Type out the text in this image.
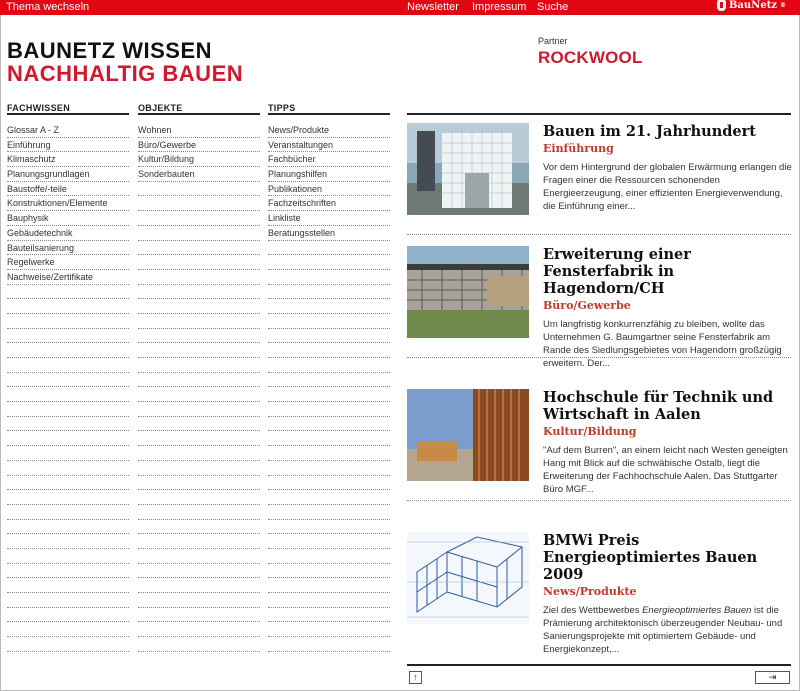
Thema wechseln	Newsletter Impressum Suche	BauNetz ®
BAUNETZ WISSEN
NACHHALTIG BAUEN
Partner
ROCKWOOL
FACHWISSEN
Glossar A - Z
Einführung
Klimaschutz
Planungsgrundlagen
Baustoffe/-teile
Konstruktionen/Elemente
Bauphysik
Gebäudetechnik
Bauteilsanierung
Regelwerke
Nachweise/Zertifikate
OBJEKTE
Wohnen
Büro/Gewerbe
Kultur/Bildung
Sonderbauten
TIPPS
News/Produkte
Veranstaltungen
Fachbücher
Planungshilfen
Publikationen
Fachzeitschriften
Linkliste
Beratungsstellen
Bauen im 21. Jahrhundert
Einführung
Vor dem Hintergrund der globalen Erwärmung erlangen die Fragen einer die Ressourcen schonenden Energieerzeugung, einer effizienten Energieverwendung, die Einführung einer...
Erweiterung einer Fensterfabrik in Hagendorn/CH
Büro/Gewerbe
Um langfristig konkurrenzfähig zu bleiben, wollte das Unternehmen G. Baumgartner seine Fensterfabrik am Rande des Siedlungsgebietes von Hagendorn großzügig erweitern. Der...
Hochschule für Technik und Wirtschaft in Aalen
Kultur/Bildung
"Auf dem Burren", an einem leicht nach Westen geneigten Hang mit Blick auf die schwäbische Ostalb, liegt die Erweiterung der Fachhochschule Aalen. Das Stuttgarter Büro MGF...
BMWi Preis Energieoptimiertes Bauen 2009
News/Produkte
Ziel des Wettbewerbes Energieoptimiertes Bauen ist die Prämierung architektonisch überzeugender Neubau- und Sanierungsprojekte mit optimiertem Gebäude- und Energiekonzept,...
↑	⇥
